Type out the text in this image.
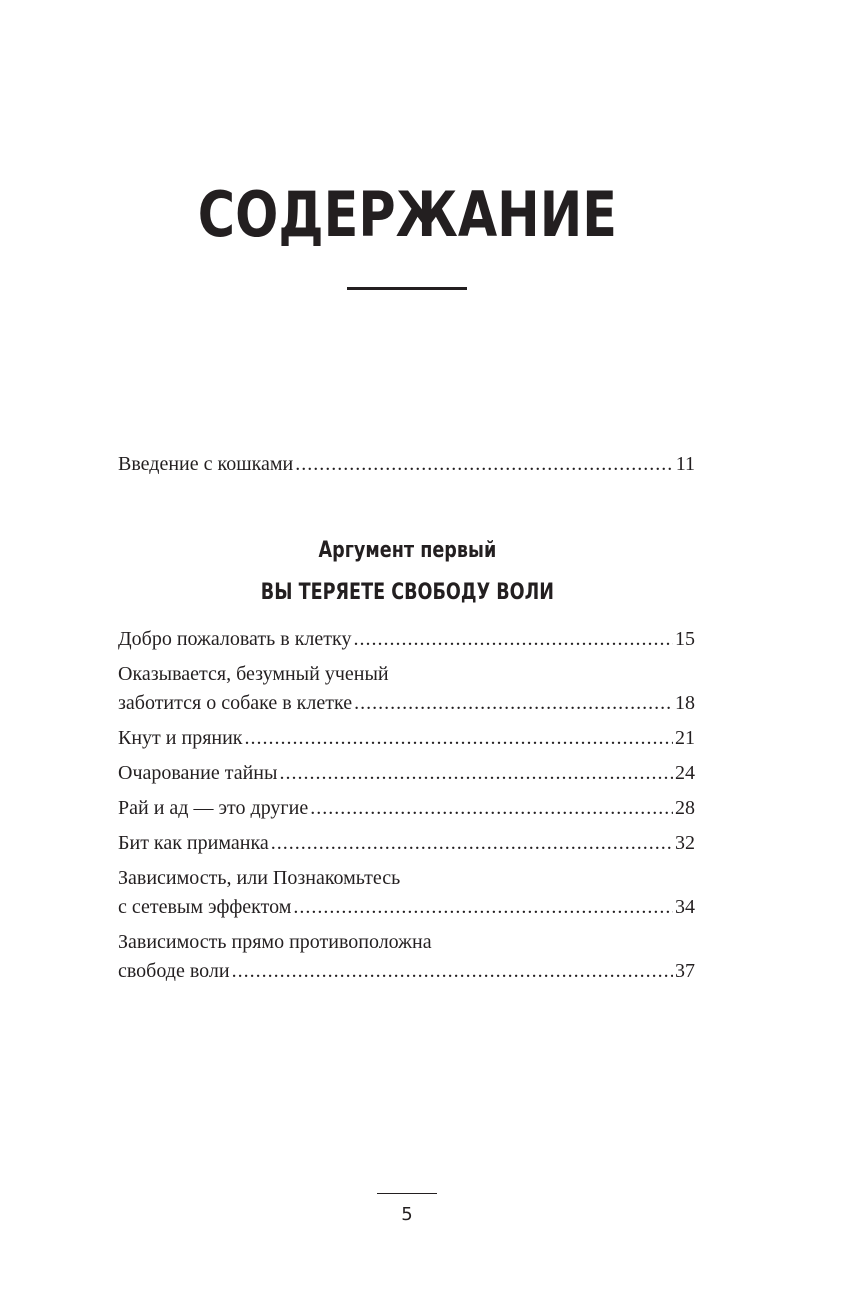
СОДЕРЖАНИЕ
Введение с кошками .....	11
Аргумент первый
ВЫ ТЕРЯЕТЕ СВОБОДУ ВОЛИ
Добро пожаловать в клетку .....	15
Оказывается, безумный ученый
заботится о собаке в клетке .....	18
Кнут и пряник .....	21
Очарование тайны .....	24
Рай и ад — это другие .....	28
Бит как приманка .....	32
Зависимость, или Познакомьтесь
с сетевым эффектом .....	34
Зависимость прямо противоположна
свободе воли .....	37
5
